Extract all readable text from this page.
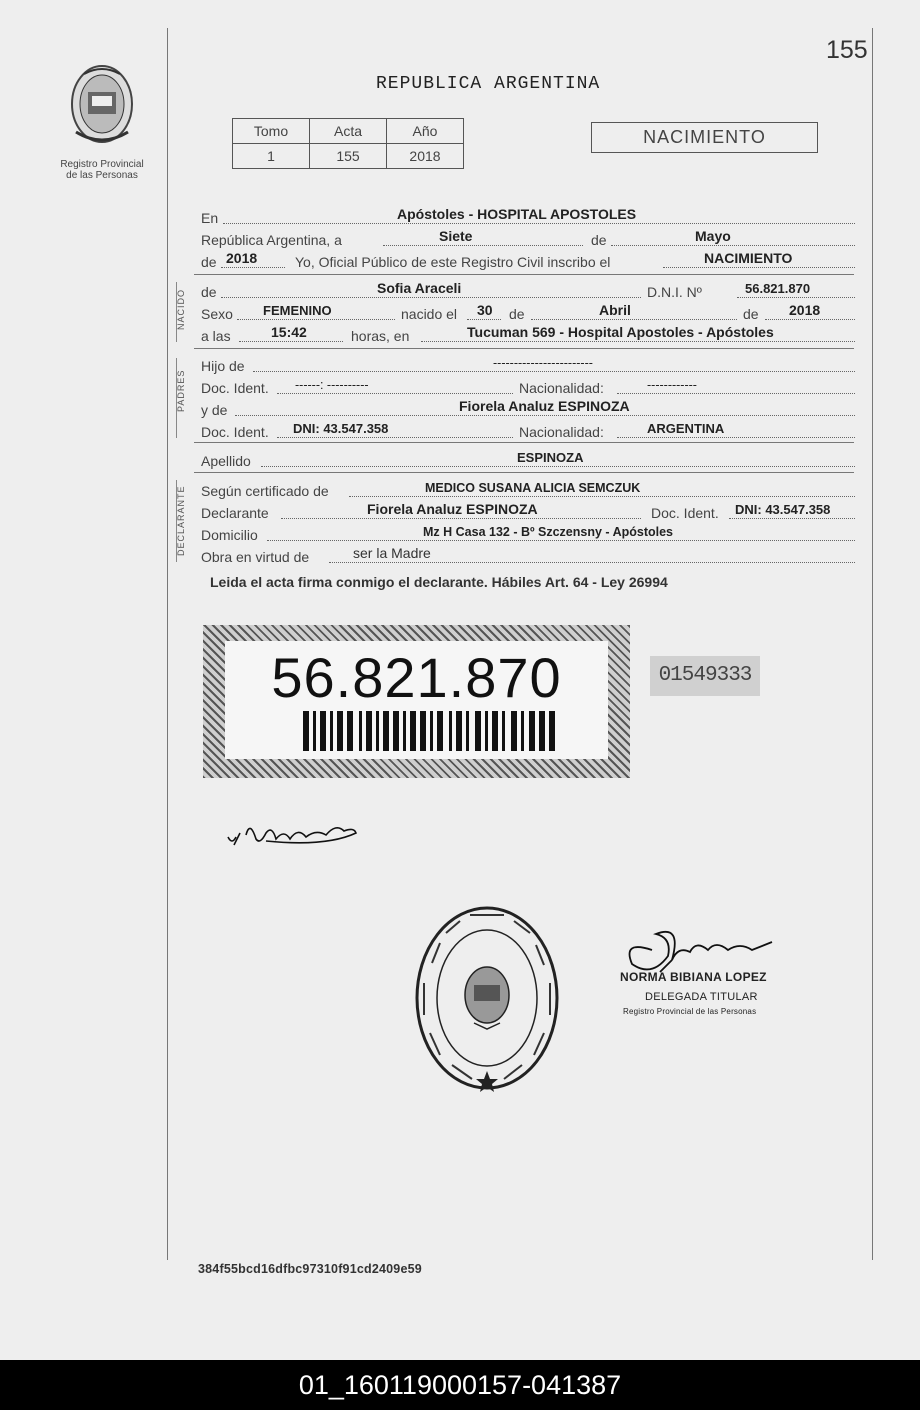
155
Registro Provincial
de las Personas
REPUBLICA ARGENTINA
Tomo	Acta	Año
1	155	2018
NACIMIENTO
En	Apóstoles - HOSPITAL APOSTOLES
República Argentina, a	Siete	de	Mayo
de 2018	Yo, Oficial Público de este Registro Civil inscribo el	NACIMIENTO
NACIDO de	Sofia Araceli	D.N.I. Nº	56.821.870
Sexo FEMENINO	nacido el 30 de	Abril	de 2018
a las	15:42	horas, en	Tucuman 569 - Hospital Apostoles - Apóstoles
PADRES
Hijo de	------------------------
Doc. Ident. ------: ----------	Nacionalidad:	------------
y de	Fiorela Analuz ESPINOZA
Doc. Ident. DNI: 43.547.358	Nacionalidad:	ARGENTINA
Apellido	ESPINOZA
DECLARANTE Según certificado de	MEDICO SUSANA ALICIA SEMCZUK
Declarante	Fiorela Analuz ESPINOZA	Doc. Ident. DNI: 43.547.358
Domicilio	Mz H Casa 132 - Bº Szczensny - Apóstoles
Obra en virtud de	ser la Madre
Leida el acta firma conmigo el declarante. Hábiles Art. 64 - Ley 26994
56.821.870	01549333
NORMA BIBIANA LOPEZ
DELEGADA TITULAR
Registro Provincial de las Personas
384f55bcd16dfbc97310f91cd2409e59
01_160119000157-041387
